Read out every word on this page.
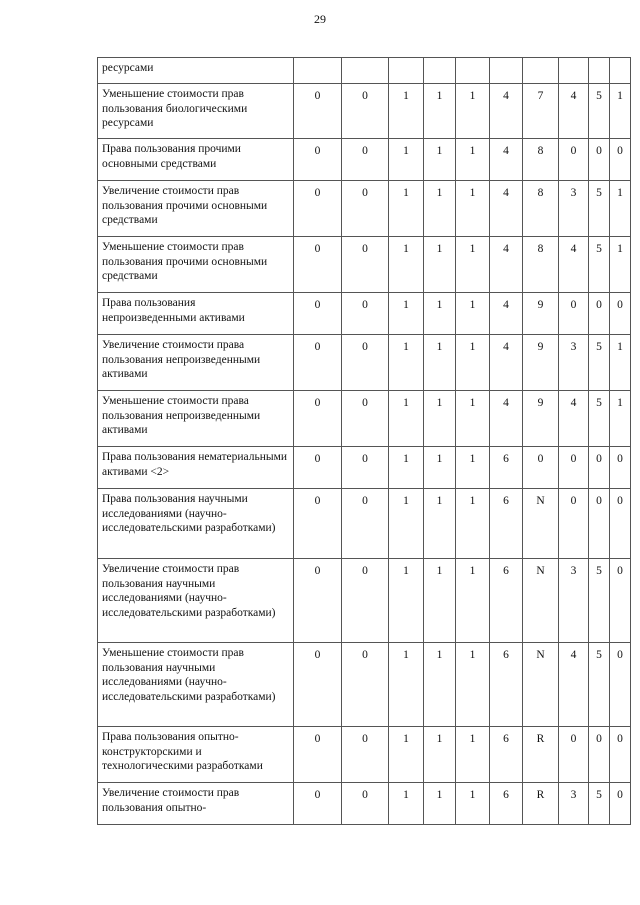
29
ресурсами										
Уменьшение стоимости прав пользования биологическими ресурсами	0	0	1	1	1	4	7	4	5	1
Права пользования прочими основными средствами	0	0	1	1	1	4	8	0	0	0
Увеличение стоимости прав пользования прочими основными средствами	0	0	1	1	1	4	8	3	5	1
Уменьшение стоимости прав пользования прочими основными средствами	0	0	1	1	1	4	8	4	5	1
Права пользования непроизведенными активами	0	0	1	1	1	4	9	0	0	0
Увеличение стоимости права пользования непроизведенными активами	0	0	1	1	1	4	9	3	5	1
Уменьшение стоимости права пользования непроизведенными активами	0	0	1	1	1	4	9	4	5	1
Права пользования нематериальными активами <2>	0	0	1	1	1	6	0	0	0	0
Права пользования научными исследованиями (научно-исследовательскими разработками)	0	0	1	1	1	6	N	0	0	0
Увеличение стоимости прав пользования научными исследованиями (научно-исследовательскими разработками)	0	0	1	1	1	6	N	3	5	0
Уменьшение стоимости прав пользования научными исследованиями (научно-исследовательскими разработками)	0	0	1	1	1	6	N	4	5	0
Права пользования опытно-конструкторскими и технологическими разработками	0	0	1	1	1	6	R	0	0	0
Увеличение стоимости прав пользования опытно-	0	0	1	1	1	6	R	3	5	0
